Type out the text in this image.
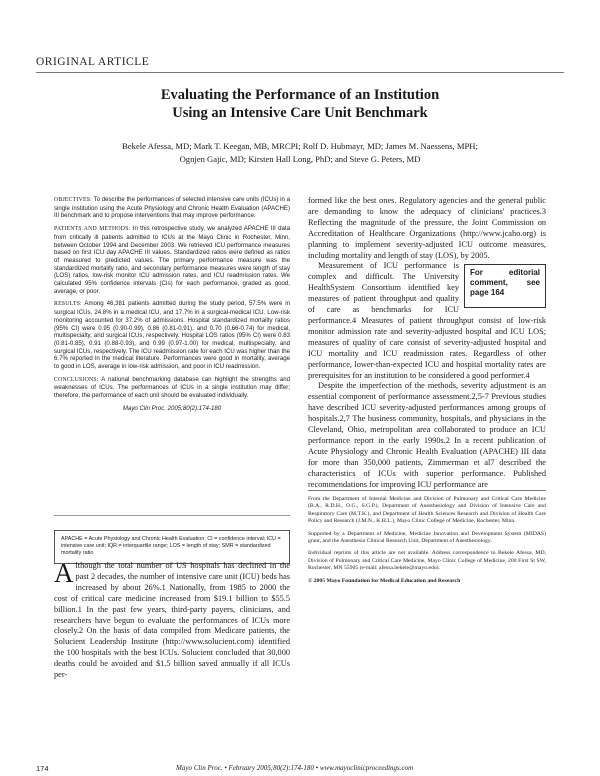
ORIGINAL ARTICLE
Evaluating the Performance of an Institution
Using an Intensive Care Unit Benchmark
Bekele Afessa, MD; Mark T. Keegan, MB, MRCPI; Rolf D. Hubmayr, MD; James M. Naessens, MPH;
Ognjen Gajic, MD; Kirsten Hall Long, PhD; and Steve G. Peters, MD

OBJECTIVES: To describe the performances of selected intensive care units (ICUs) in a single institution using the Acute Physiology and Chronic Health Evaluation (APACHE) III benchmark and to propose interventions that may improve performance.

PATIENTS AND METHODS: In this retrospective study, we analyzed APACHE III data from critically ill patients admitted to ICUs at the Mayo Clinic in Rochester, Minn, between October 1994 and December 2003. We retrieved ICU performance measures based on first ICU day APACHE III values. Standardized ratios were defined as ratios of measured to predicted values. The primary performance measure was the standardized mortality ratio, and secondary performance measures were length of stay (LOS) ratios, low-risk monitor ICU admission rates, and ICU readmission rates. We calculated 95% confidence intervals (CIs) for each performance, graded as good, average, or poor.

RESULTS: Among 46,381 patients admitted during the study period, 57.5% were in surgical ICUs, 24.8% in a medical ICU, and 17.7% in a surgical-medical ICU. Low-risk monitoring accounted for 37.2% of admissions. Hospital standardized mortality ratios (95% CI) were 0.95 (0.90-0.99), 0.86 (0.81-0.91), and 0.70 (0.66-0.74) for medical, multispecialty, and surgical ICUs, respectively. Hospital LOS ratios (95% CI) were 0.83 (0.81-0.85), 0.91 (0.88-0.93), and 0.99 (0.97-1.00) for medical, multispecialty, and surgical ICUs, respectively. The ICU readmission rate for each ICU was higher than the 6.7% reported in the medical literature. Performances were good in mortality, average to good in LOS, average in low-risk admission, and poor in ICU readmission.

CONCLUSIONS: A national benchmarking database can highlight the strengths and weaknesses of ICUs. The performances of ICUs in a single institution may differ; therefore, the performance of each unit should be evaluated individually.

Mayo Clin Proc. 2005;80(2):174-180

APACHE = Acute Physiology and Chronic Health Evaluation; CI = confidence interval; ICU = intensive care unit; IQR = interquartile range; LOS = length of stay; SMR = standardized mortality ratio
Although the total number of US hospitals has declined in the past 2 decades, the number of intensive care unit (ICU) beds has increased by about 26%.1 Nationally, from 1985 to 2000 the cost of critical care medicine increased from $19.1 billion to $55.5 billion.1 In the past few years, third-party payers, clinicians, and researchers have begun to evaluate the performances of ICUs more closely.2 On the basis of data compiled from Medicare patients, the Solucient Leadership Institute (http://www.solucient.com) identified the 100 hospitals with the best ICUs. Solucient concluded that 30,000 deaths could be avoided and $1.5 billion saved annually if all ICUs per-

formed like the best ones. Regulatory agencies and the general public are demanding to know the adequacy of clinicians' practices.3 Reflecting the magnitude of the pressure, the Joint Commission on Accreditation of Healthcare Organizations (http://www.jcaho.org) is planning to implement severity-adjusted ICU outcome measures, including mortality and length of stay (LOS), by 2005.

For editorial comment, see page 164
Measurement of ICU performance is complex and difficult. The University HealthSystem Consortium identified key measures of patient throughput and quality of care as benchmarks for ICU performance.4 Measures of patient throughput consist of low-risk monitor admission rate and severity-adjusted hospital and ICU LOS; measures of quality of care consist of severity-adjusted hospital and ICU mortality and ICU readmission rates. Regardless of other performance, lower-than-expected ICU and hospital mortality rates are prerequisites for an institution to be considered a good performer.4

Despite the imperfection of the methods, severity adjustment is an essential component of performance assessment.2,5-7 Previous studies have described ICU severity-adjusted performances among groups of hospitals.2,7 The business community, hospitals, and physicians in the Cleveland, Ohio, metropolitan area collaborated to produce an ICU performance report in the early 1990s.2 In a recent publication of Acute Physiology and Chronic Health Evaluation (APACHE) III data for more than 350,000 patients, Zimmerman et al7 described the characteristics of ICUs with superior performance. Published recommendations for improving ICU performance are

From the Department of Internal Medicine and Division of Pulmonary and Critical Care Medicine (B.A., R.D.H., O.G., S.G.P.), Department of Anesthesiology and Division of Intensive Care and Respiratory Care (M.T.K.), and Department of Health Sciences Research and Division of Health Care Policy and Research (J.M.N., K.H.L.), Mayo Clinic College of Medicine, Rochester, Minn.

Supported by a Department of Medicine, Medicine Innovation and Development System (MIDAS) grant, and the Anesthesia Clinical Research Unit, Department of Anesthesiology.

Individual reprints of this article are not available. Address correspondence to Bekele Afessa, MD, Division of Pulmonary and Critical Care Medicine, Mayo Clinic College of Medicine, 200 First St SW, Rochester, MN 55905 (e-mail: afessa.bekele@mayo.edu).

© 2005 Mayo Foundation for Medical Education and Research

174	Mayo Clin Proc. • February 2005;80(2):174-180 • www.mayoclinicproceedings.com
